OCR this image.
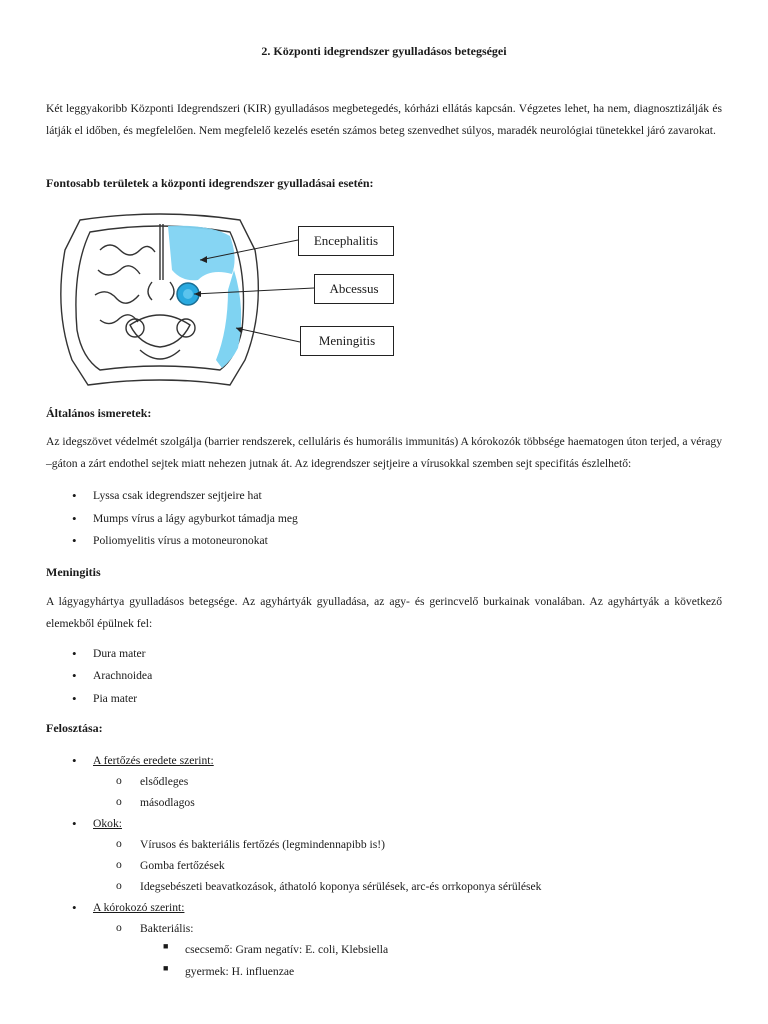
2. Központi idegrendszer gyulladásos betegségei

Két leggyakoribb Központi Idegrendszeri (KIR) gyulladásos megbetegedés, kórházi ellátás kapcsán. Végzetes lehet, ha nem, diagnosztizálják és látják el időben, és megfelelően. Nem megfelelő kezelés esetén számos beteg szenvedhet súlyos, maradék neurológiai tünetekkel járó zavarokat.

Fontosabb területek a központi idegrendszer gyulladásai esetén:

Encephalitis
Abcessus
Meningitis

Általános ismeretek:

Az idegszövet védelmét szolgálja (barrier rendszerek, celluláris és humorális immunitás) A kórokozók többsége haematogen úton terjed, a véragy –gáton a zárt endothel sejtek miatt nehezen jutnak át. Az idegrendszer sejtjeire a vírusokkal szemben sejt specifitás észlelhető:

• Lyssa csak idegrendszer sejtjeire hat
• Mumps vírus a lágy agyburkot támadja meg
• Poliomyelitis vírus a motoneuronokat

Meningitis

A lágyagyhártya gyulladásos betegsége. Az agyhártyák gyulladása, az agy- és gerincvelő burkainak vonalában. Az agyhártyák a következő elemekből épülnek fel:

• Dura mater
• Arachnoidea
• Pia mater

Felosztása:

• A fertőzés eredete szerint:
o elsődleges
o másodlagos
• Okok:
o Vírusos és bakteriális fertőzés (legmindennapibb is!)
o Gomba fertőzések
o Idegsebészeti beavatkozások, áthatoló koponya sérülések, arc-és orrkoponya sérülések
• A kórokozó szerint:
o Bakteriális:
■ csecsemő: Gram negatív: E. coli, Klebsiella
■ gyermek: H. influenzae
